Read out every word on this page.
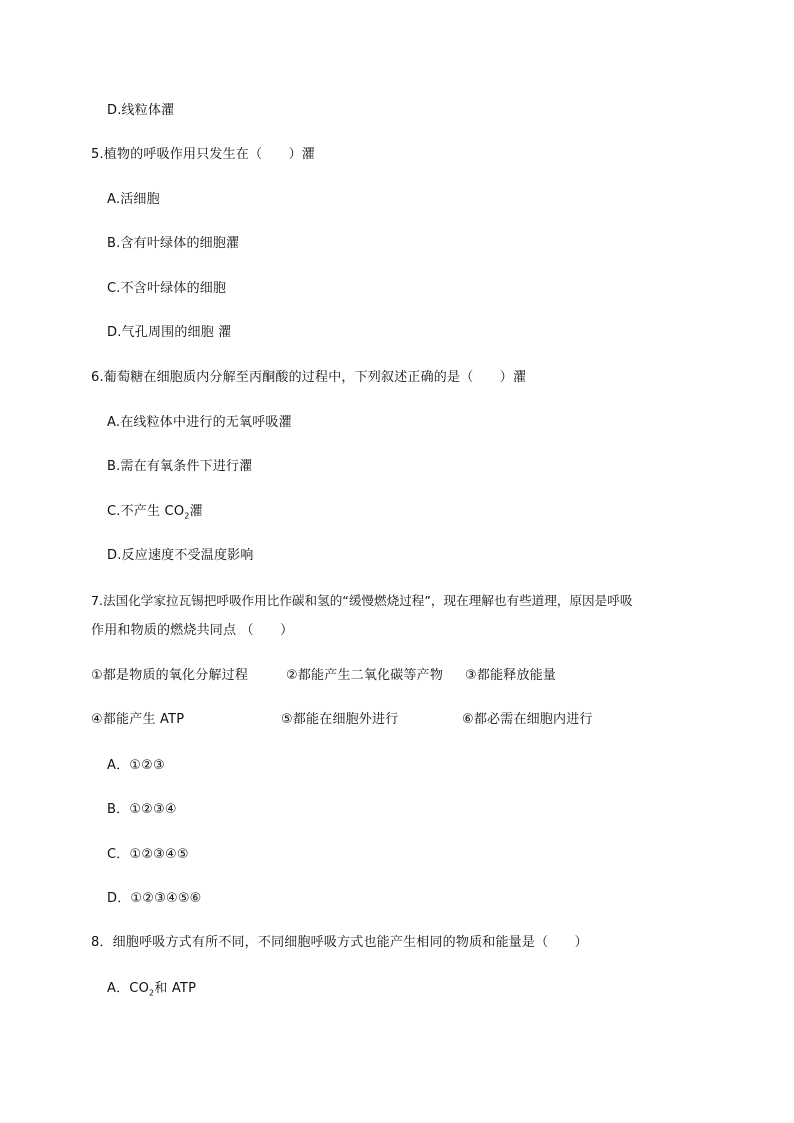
D.线粒体灈
5.植物的呼吸作用只发生在（　　）灈
A.活细胞
B.含有叶绿体的细胞灈
C.不含叶绿体的细胞
D.气孔周围的细胞 灈
6.葡萄糖在细胞质内分解至丙酮酸的过程中，下列叙述正确的是（　　）灈
A.在线粒体中进行的无氧呼吸灈
B.需在有氧条件下进行灈
C.不产生 $CO_2$灈
D.反应速度不受温度影响
7.法国化学家拉瓦锡把呼吸作用比作碳和氢的“缓慢燃烧过程”，现在理解也有些道理，原因是呼吸
作用和物质的燃烧共同点 （　　）
①都是物质的氧化分解过程	②都能产生二氧化碳等产物 ③都能释放能量
④都能产生 ATP	⑤都能在细胞外进行	⑥都必需在细胞内进行
A．①②③
B．①②③④
C．①②③④⑤
D．①②③④⑤⑥
8．细胞呼吸方式有所不同，不同细胞呼吸方式也能产生相同的物质和能量是（　　）
A．$CO_2$和 ATP
